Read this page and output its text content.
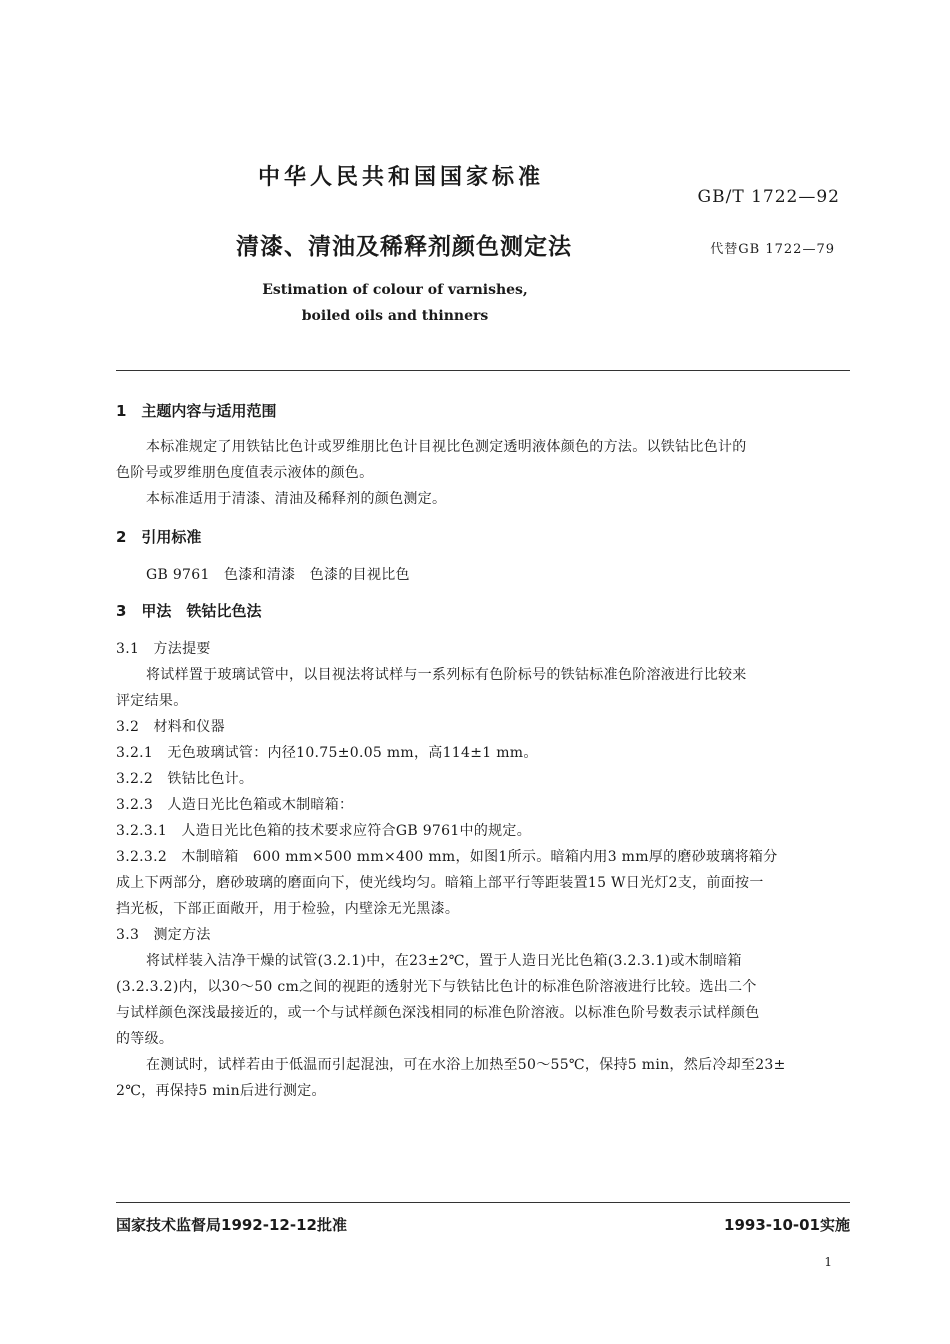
中华人民共和国国家标准
GB/T 1722—92
清漆、清油及稀释剂颜色测定法	代替GB 1722—79
Estimation of colour of varnishes,
boiled oils and thinners
1　主题内容与适用范围
本标准规定了用铁钴比色计或罗维朋比色计目视比色测定透明液体颜色的方法。以铁钴比色计的
色阶号或罗维朋色度值表示液体的颜色。
本标准适用于清漆、清油及稀释剂的颜色测定。
2　引用标准
GB 9761　色漆和清漆　色漆的目视比色
3　甲法　铁钴比色法
3.1　方法提要
将试样置于玻璃试管中，以目视法将试样与一系列标有色阶标号的铁钴标准色阶溶液进行比较来
评定结果。
3.2　材料和仪器
3.2.1　无色玻璃试管：内径10.75±0.05 mm，高114±1 mm。
3.2.2　铁钴比色计。
3.2.3　人造日光比色箱或木制暗箱：
3.2.3.1　人造日光比色箱的技术要求应符合GB 9761中的规定。
3.2.3.2　木制暗箱　600 mm×500 mm×400 mm，如图1所示。暗箱内用3 mm厚的磨砂玻璃将箱分
成上下两部分，磨砂玻璃的磨面向下，使光线均匀。暗箱上部平行等距装置15 W日光灯2支，前面按一
挡光板，下部正面敞开，用于检验，内壁涂无光黑漆。
3.3　测定方法
将试样装入洁净干燥的试管(3.2.1)中，在23±2℃，置于人造日光比色箱(3.2.3.1)或木制暗箱
(3.2.3.2)内，以30～50 cm之间的视距的透射光下与铁钴比色计的标准色阶溶液进行比较。选出二个
与试样颜色深浅最接近的，或一个与试样颜色深浅相同的标准色阶溶液。以标准色阶号数表示试样颜色
的等级。
在测试时，试样若由于低温而引起混浊，可在水浴上加热至50～55℃，保持5 min，然后冷却至23±
2℃，再保持5 min后进行测定。
国家技术监督局1992-12-12批准	1993-10-01实施
1
